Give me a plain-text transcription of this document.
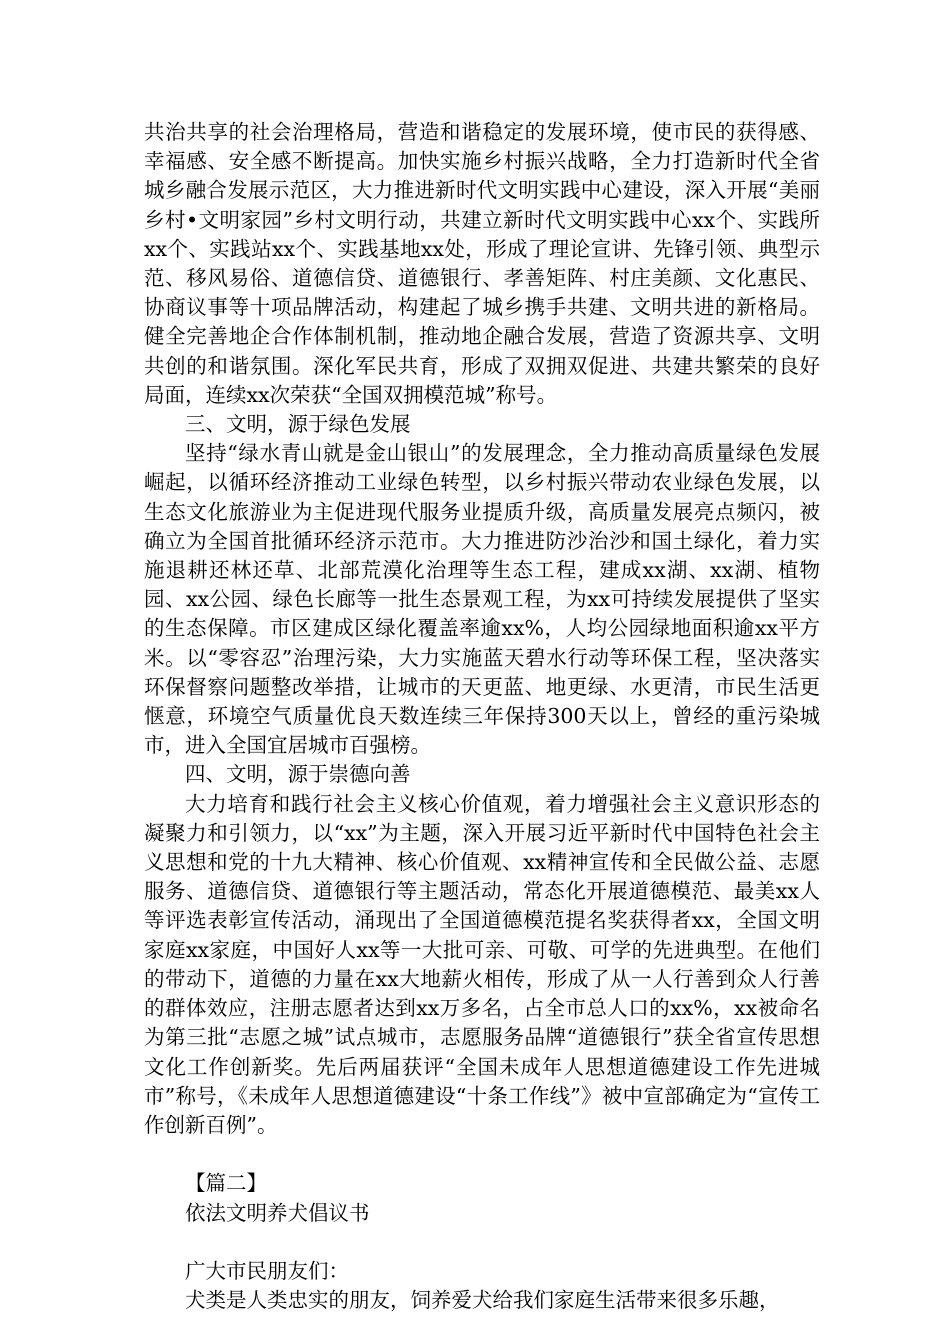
共治共享的社会治理格局，营造和谐稳定的发展环境，使市民的获得感、幸福感、安全感不断提高。加快实施乡村振兴战略，全力打造新时代全省城乡融合发展示范区，大力推进新时代文明实践中心建设，深入开展“美丽乡村•文明家园”乡村文明行动，共建立新时代文明实践中心xx个、实践所xx个、实践站xx个、实践基地xx处，形成了理论宣讲、先锋引领、典型示范、移风易俗、道德信贷、道德银行、孝善矩阵、村庄美颜、文化惠民、协商议事等十项品牌活动，构建起了城乡携手共建、文明共进的新格局。健全完善地企合作体制机制，推动地企融合发展，营造了资源共享、文明共创的和谐氛围。深化军民共育，形成了双拥双促进、共建共繁荣的良好局面，连续xx次荣获“全国双拥模范城”称号。

三、文明，源于绿色发展

坚持“绿水青山就是金山银山”的发展理念，全力推动高质量绿色发展崛起，以循环经济推动工业绿色转型，以乡村振兴带动农业绿色发展，以生态文化旅游业为主促进现代服务业提质升级，高质量发展亮点频闪，被确立为全国首批循环经济示范市。大力推进防沙治沙和国土绿化，着力实施退耕还林还草、北部荒漠化治理等生态工程，建成xx湖、xx湖、植物园、xx公园、绿色长廊等一批生态景观工程，为xx可持续发展提供了坚实的生态保障。市区建成区绿化覆盖率逾xx%，人均公园绿地面积逾xx平方米。以“零容忍”治理污染，大力实施蓝天碧水行动等环保工程，坚决落实环保督察问题整改举措，让城市的天更蓝、地更绿、水更清，市民生活更惬意，环境空气质量优良天数连续三年保持300天以上，曾经的重污染城市，进入全国宜居城市百强榜。

四、文明，源于崇德向善

大力培育和践行社会主义核心价值观，着力增强社会主义意识形态的凝聚力和引领力，以“xx”为主题，深入开展习近平新时代中国特色社会主义思想和党的十九大精神、核心价值观、xx精神宣传和全民做公益、志愿服务、道德信贷、道德银行等主题活动，常态化开展道德模范、最美xx人等评选表彰宣传活动，涌现出了全国道德模范提名奖获得者xx，全国文明家庭xx家庭，中国好人xx等一大批可亲、可敬、可学的先进典型。在他们的带动下，道德的力量在xx大地薪火相传，形成了从一人行善到众人行善的群体效应，注册志愿者达到xx万多名，占全市总人口的xx%，xx被命名为第三批“志愿之城”试点城市，志愿服务品牌“道德银行”获全省宣传思想文化工作创新奖。先后两届获评“全国未成年人思想道德建设工作先进城市”称号，《未成年人思想道德建设“十条工作线”》被中宣部确定为“宣传工作创新百例”。

【篇二】

依法文明养犬倡议书

广大市民朋友们：

犬类是人类忠实的朋友，饲养爱犬给我们家庭生活带来很多乐趣，
